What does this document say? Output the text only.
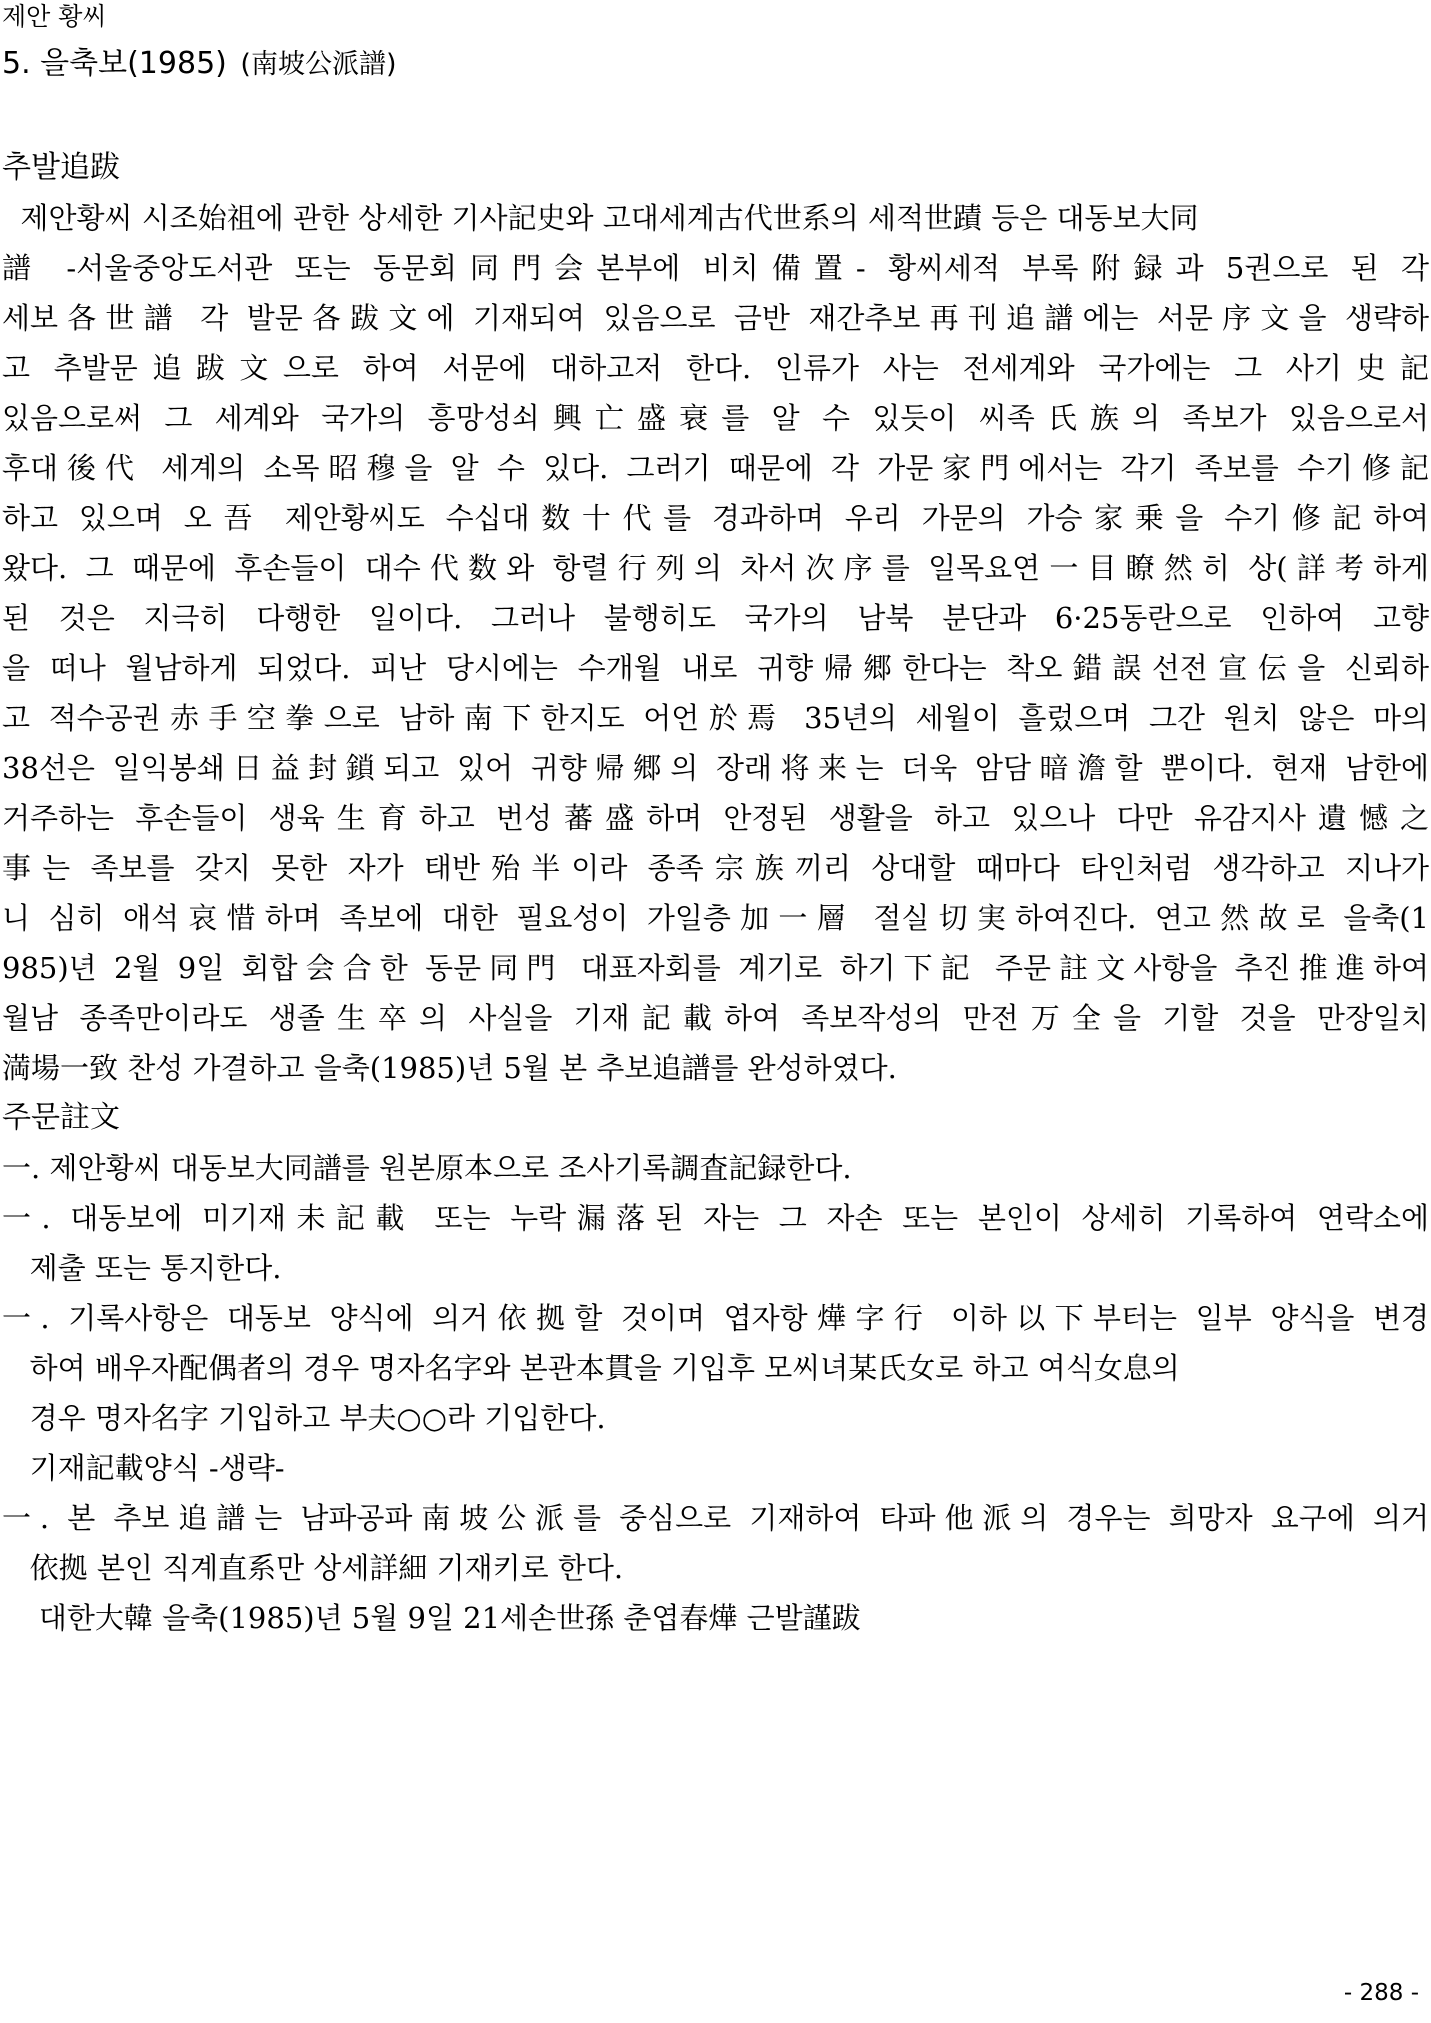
제안 황씨
5. 을축보(1985) (南坡公派譜)
추발追跋
제안황씨 시조始祖에 관한 상세한 기사記史와 고대세계古代世系의 세적世蹟 등은 대동보大同
譜 -서울중앙도서관 또는 동문회同門会본부에 비치備置- 황씨세적 부록附録과 5권으로 된 각
세보各世譜 각 발문各跋文에 기재되여 있음으로 금반 재간추보再刊追譜에는 서문序文을 생략하
고 추발문追跋文으로 하여 서문에 대하고저 한다. 인류가 사는 전세계와 국가에는 그 사기史記
있음으로써 그 세계와 국가의 흥망성쇠興亡盛衰를 알 수 있듯이 씨족氏族의 족보가 있음으로서
후대後代 세계의 소목昭穆을 알 수 있다. 그러기 때문에 각 가문家門에서는 각기 족보를 수기修記
하고 있으며 오吾 제안황씨도 수십대数十代를 경과하며 우리 가문의 가승家乗을 수기修記하여
왔다. 그 때문에 후손들이 대수代数와 항렬行列의 차서次序를 일목요연一目瞭然히 상(詳考하게
된 것은 지극히 다행한 일이다. 그러나 불행히도 국가의 남북 분단과 6·25동란으로 인하여 고향
을 떠나 월남하게 되었다. 피난 당시에는 수개월 내로 귀향帰郷한다는 착오錯誤선전宣伝을 신뢰하
고 적수공권赤手空拳으로 남하南下한지도 어언於焉 35년의 세월이 흘렀으며 그간 원치 않은 마의
38선은 일익봉쇄日益封鎖되고 있어 귀향帰郷의 장래将来는 더욱 암담暗澹할 뿐이다. 현재 남한에
거주하는 후손들이 생육生育하고 번성蕃盛하며 안정된 생활을 하고 있으나 다만 유감지사遺憾之
事는 족보를 갖지 못한 자가 태반殆半이라 종족宗族끼리 상대할 때마다 타인처럼 생각하고 지나가
니 심히 애석哀惜하며 족보에 대한 필요성이 가일층加一層 절실切実하여진다. 연고然故로 을축(1
985)년 2월 9일 회합会合한 동문同門 대표자회를 계기로 하기下記 주문註文사항을 추진推進하여
월남 종족만이라도 생졸生卒의 사실을 기재記載하여 족보작성의 만전万全을 기할 것을 만장일치
満場一致 찬성 가결하고 을축(1985)년 5월 본 추보追譜를 완성하였다.
주문註文
一. 제안황씨 대동보大同譜를 원본原本으로 조사기록調査記録한다.
一. 대동보에 미기재未記載 또는 누락漏落된 자는 그 자손 또는 본인이 상세히 기록하여 연락소에
제출 또는 통지한다.
一. 기록사항은 대동보 양식에 의거依拠할 것이며 엽자항燁字行 이하以下부터는 일부 양식을 변경
하여 배우자配偶者의 경우 명자名字와 본관本貫을 기입후 모씨녀某氏女로 하고 여식女息의
경우 명자名字 기입하고 부夫○○라 기입한다.
기재記載양식 -생략-
一. 본 추보追譜는 남파공파南坡公派를 중심으로 기재하여 타파他派의 경우는 희망자 요구에 의거
依拠 본인 직계直系만 상세詳細 기재키로 한다.
대한大韓 을축(1985)년 5월 9일 21세손世孫 춘엽春燁 근발謹跋
- 288 -
